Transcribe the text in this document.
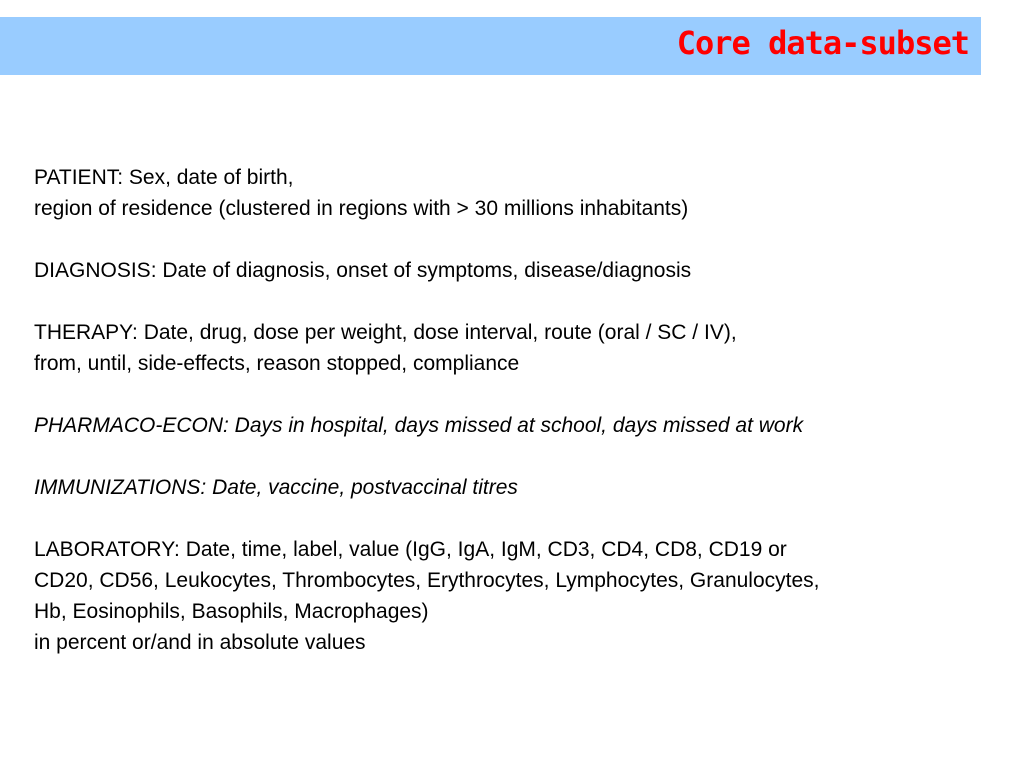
Core data-subset
PATIENT: Sex, date of birth,
region of residence (clustered in regions with > 30 millions inhabitants)
DIAGNOSIS: Date of diagnosis, onset of symptoms, disease/diagnosis
THERAPY: Date, drug, dose per weight, dose interval, route (oral / SC / IV),
from, until, side-effects, reason stopped, compliance
PHARMACO-ECON: Days in hospital, days missed at school, days missed at work
IMMUNIZATIONS: Date, vaccine, postvaccinal titres
LABORATORY: Date, time, label, value (IgG, IgA, IgM, CD3, CD4, CD8, CD19 or
CD20, CD56, Leukocytes, Thrombocytes, Erythrocytes, Lymphocytes, Granulocytes,
Hb, Eosinophils, Basophils, Macrophages)
in percent or/and in absolute values
